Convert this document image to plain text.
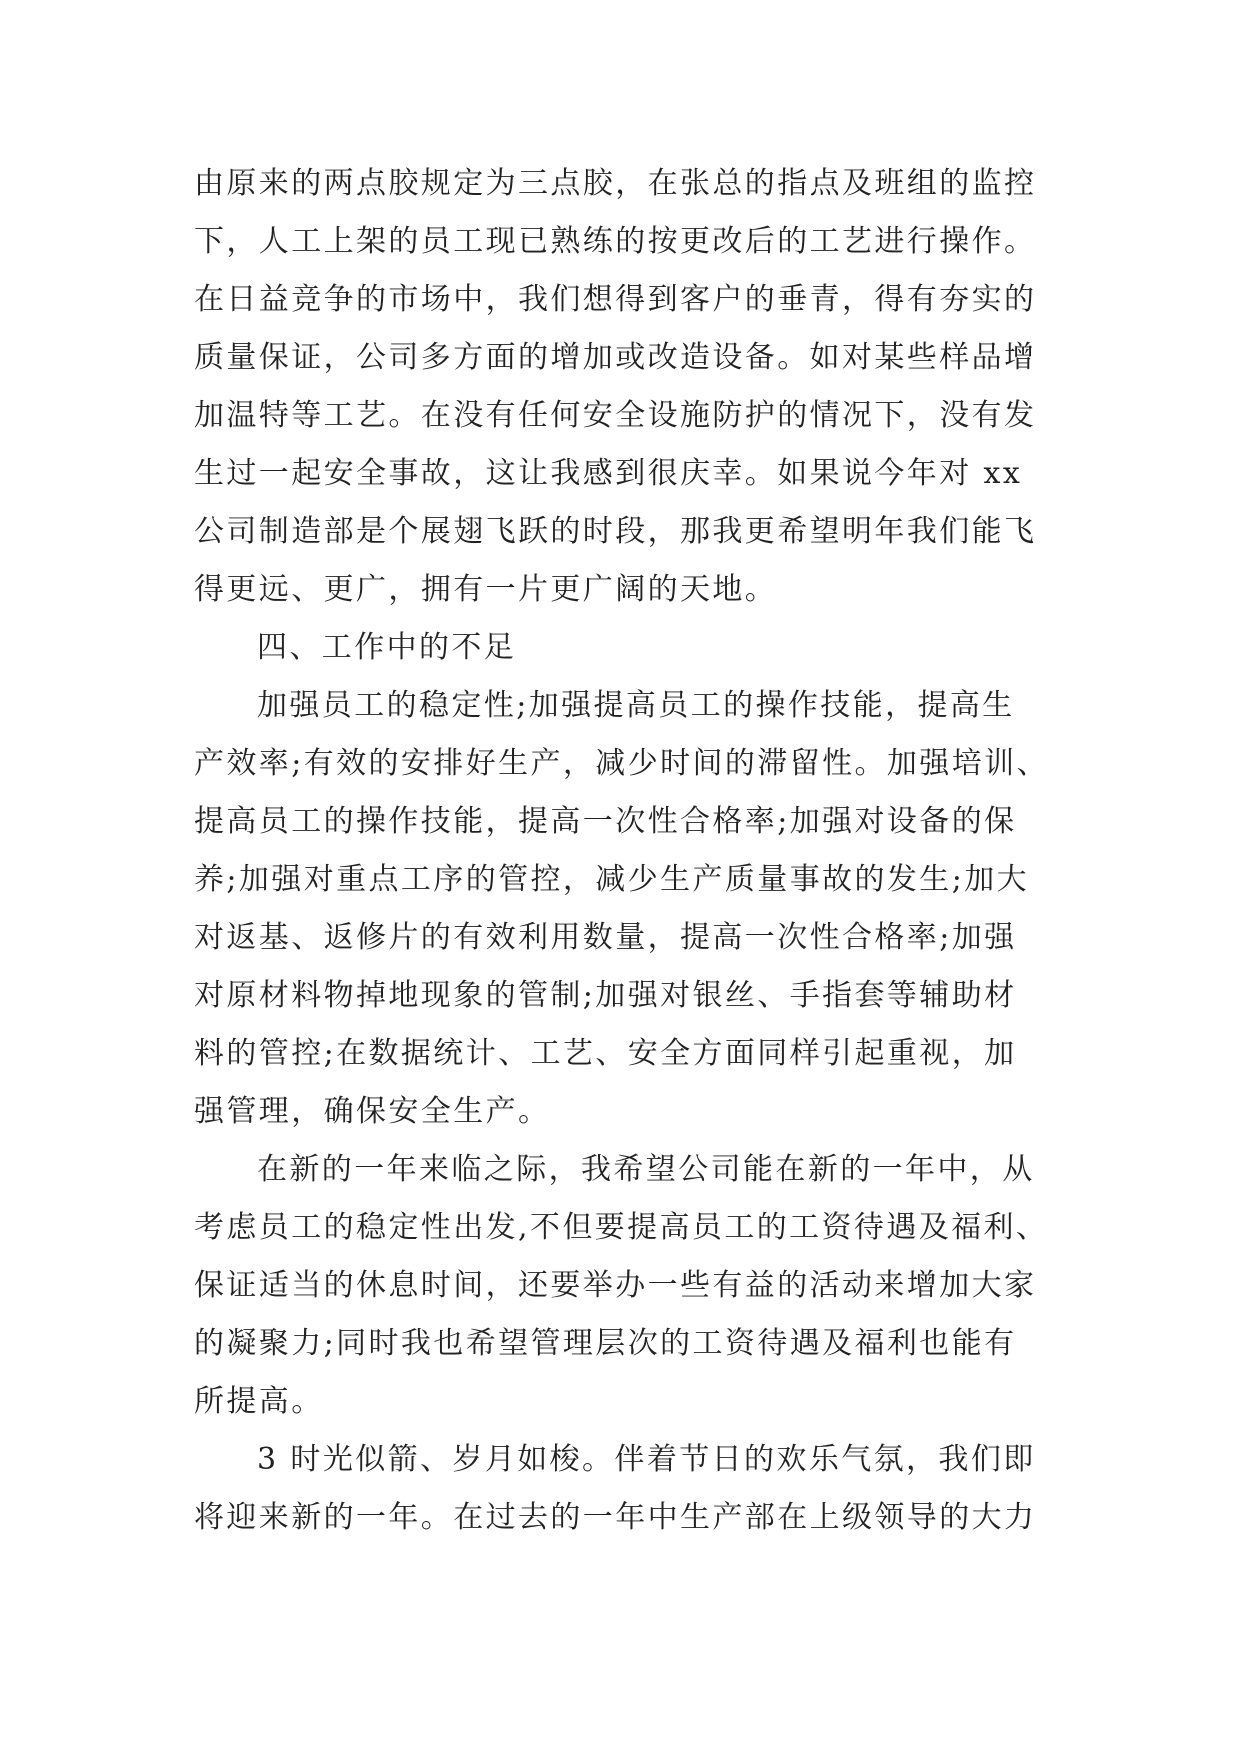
由原来的两点胶规定为三点胶，在张总的指点及班组的监控
下，人工上架的员工现已熟练的按更改后的工艺进行操作。
在日益竞争的市场中，我们想得到客户的垂青，得有夯实的
质量保证，公司多方面的增加或改造设备。如对某些样品增
加温特等工艺。在没有任何安全设施防护的情况下，没有发
生过一起安全事故，这让我感到很庆幸。如果说今年对 xx
公司制造部是个展翅飞跃的时段，那我更希望明年我们能飞
得更远、更广，拥有一片更广阔的天地。
四、工作中的不足
加强员工的稳定性;加强提高员工的操作技能，提高生
产效率;有效的安排好生产，减少时间的滞留性。加强培训、
提高员工的操作技能，提高一次性合格率;加强对设备的保
养;加强对重点工序的管控，减少生产质量事故的发生;加大
对返基、返修片的有效利用数量，提高一次性合格率;加强
对原材料物掉地现象的管制;加强对银丝、手指套等辅助材
料的管控;在数据统计、工艺、安全方面同样引起重视，加
强管理，确保安全生产。
在新的一年来临之际，我希望公司能在新的一年中，从
考虑员工的稳定性出发,不但要提高员工的工资待遇及福利、
保证适当的休息时间，还要举办一些有益的活动来增加大家
的凝聚力;同时我也希望管理层次的工资待遇及福利也能有
所提高。
3 时光似箭、岁月如梭。伴着节日的欢乐气氛，我们即
将迎来新的一年。在过去的一年中生产部在上级领导的大力
